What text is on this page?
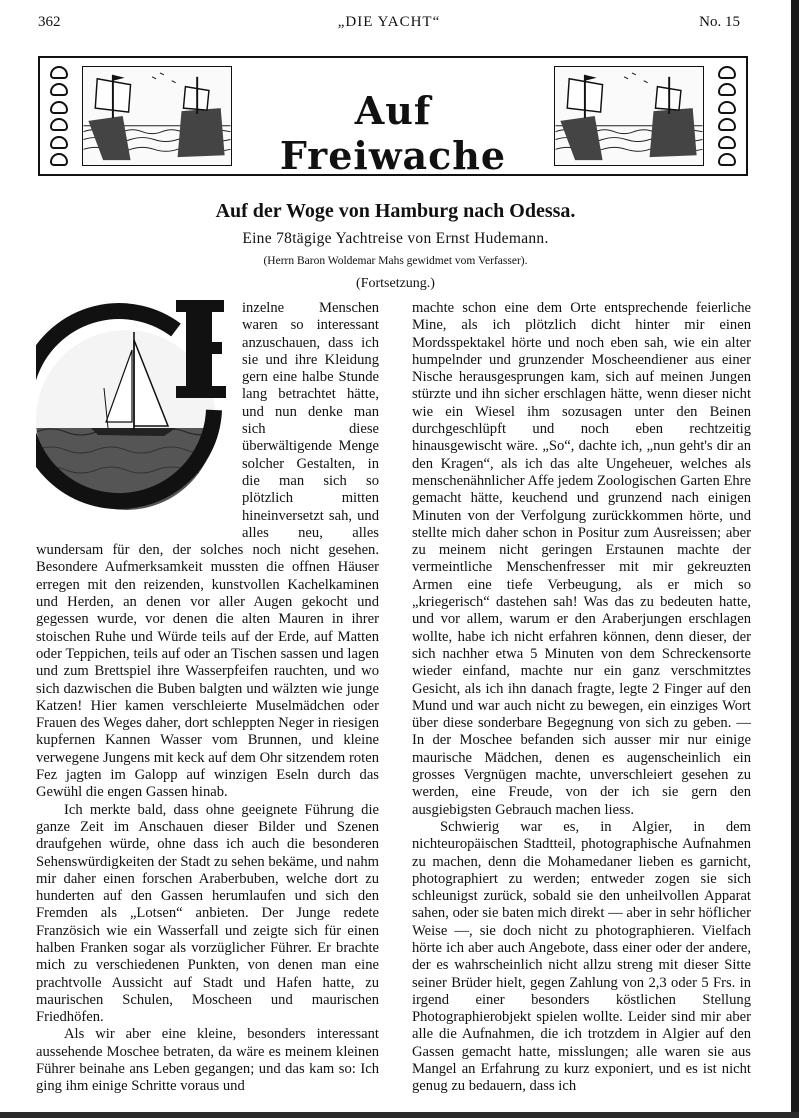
362	„DIE YACHT“	No. 15
Auf Freiwache
Auf der Woge von Hamburg nach Odessa.
Eine 78tägige Yachtreise von Ernst Hudemann.
(Herrn Baron Woldemar Mahs gewidmet vom Verfasser).
(Fortsetzung.)

inzelne Menschen waren so interessant anzuschauen, dass ich sie und ihre Kleidung gern eine halbe Stunde lang betrachtet hätte, und nun denke man sich diese überwältigende Menge solcher Gestalten, in die man sich so plötzlich mitten hineinversetzt sah, und alles neu, alles wundersam für den, der solches noch nicht gesehen. Besondere Aufmerksamkeit mussten die offnen Häuser erregen mit den reizenden, kunstvollen Kachelkaminen und Herden, an denen vor aller Augen gekocht und gegessen wurde, vor denen die alten Mauren in ihrer stoischen Ruhe und Würde teils auf der Erde, auf Matten oder Teppichen, teils auf oder an Tischen sassen und lagen und zum Brettspiel ihre Wasserpfeifen rauchten, und wo sich dazwischen die Buben balgten und wälzten wie junge Katzen! Hier kamen verschleierte Muselmädchen oder Frauen des Weges daher, dort schleppten Neger in riesigen kupfernen Kannen Wasser vom Brunnen, und kleine verwegene Jungens mit keck auf dem Ohr sitzendem roten Fez jagten im Galopp auf winzigen Eseln durch das Gewühl die engen Gassen hinab.

Ich merkte bald, dass ohne geeignete Führung die ganze Zeit im Anschauen dieser Bilder und Szenen draufgehen würde, ohne dass ich auch die besonderen Sehenswürdigkeiten der Stadt zu sehen bekäme, und nahm mir daher einen forschen Araberbuben, welche dort zu hunderten auf den Gassen herumlaufen und sich den Fremden als „Lotsen“ anbieten. Der Junge redete Französich wie ein Wasserfall und zeigte sich für einen halben Franken sogar als vorzüglicher Führer. Er brachte mich zu verschiedenen Punkten, von denen man eine prachtvolle Aussicht auf Stadt und Hafen hatte, zu maurischen Schulen, Moscheen und maurischen Friedhöfen.

Als wir aber eine kleine, besonders interessant aussehende Moschee betraten, da wäre es meinem kleinen Führer beinahe ans Leben gegangen; und das kam so: Ich ging ihm einige Schritte voraus und

machte schon eine dem Orte entsprechende feierliche Mine, als ich plötzlich dicht hinter mir einen Mordsspektakel hörte und noch eben sah, wie ein alter humpelnder und grunzender Moscheendiener aus einer Nische herausgesprungen kam, sich auf meinen Jungen stürzte und ihn sicher erschlagen hätte, wenn dieser nicht wie ein Wiesel ihm sozusagen unter den Beinen durchgeschlüpft und noch eben rechtzeitig hinausgewischt wäre. „So“, dachte ich, „nun geht's dir an den Kragen“, als ich das alte Ungeheuer, welches als menschenähnlicher Affe jedem Zoologischen Garten Ehre gemacht hätte, keuchend und grunzend nach einigen Minuten von der Verfolgung zurückkommen hörte, und stellte mich daher schon in Positur zum Ausreissen; aber zu meinem nicht geringen Erstaunen machte der vermeintliche Menschenfresser mit mir gekreuzten Armen eine tiefe Verbeugung, als er mich so „kriegerisch“ dastehen sah! Was das zu bedeuten hatte, und vor allem, warum er den Araberjungen erschlagen wollte, habe ich nicht erfahren können, denn dieser, der sich nachher etwa 5 Minuten von dem Schreckensorte wieder einfand, machte nur ein ganz verschmitztes Gesicht, als ich ihn danach fragte, legte 2 Finger auf den Mund und war auch nicht zu bewegen, ein einziges Wort über diese sonderbare Begegnung von sich zu geben. — In der Moschee befanden sich ausser mir nur einige maurische Mädchen, denen es augenscheinlich ein grosses Vergnügen machte, unverschleiert gesehen zu werden, eine Freude, von der ich sie gern den ausgiebigsten Gebrauch machen liess.

Schwierig war es, in Algier, in dem nichteuropäischen Stadtteil, photographische Aufnahmen zu machen, denn die Mohamedaner lieben es garnicht, photographiert zu werden; entweder zogen sie sich schleunigst zurück, sobald sie den unheilvollen Apparat sahen, oder sie baten mich direkt — aber in sehr höflicher Weise —, sie doch nicht zu photographieren. Vielfach hörte ich aber auch Angebote, dass einer oder der andere, der es wahrscheinlich nicht allzu streng mit dieser Sitte seiner Brüder hielt, gegen Zahlung von 2,3 oder 5 Frs. in irgend einer besonders köstlichen Stellung Photographierobjekt spielen wollte. Leider sind mir aber alle die Aufnahmen, die ich trotzdem in Algier auf den Gassen gemacht hatte, misslungen; alle waren sie aus Mangel an Erfahrung zu kurz exponiert, und es ist nicht genug zu bedauern, dass ich
